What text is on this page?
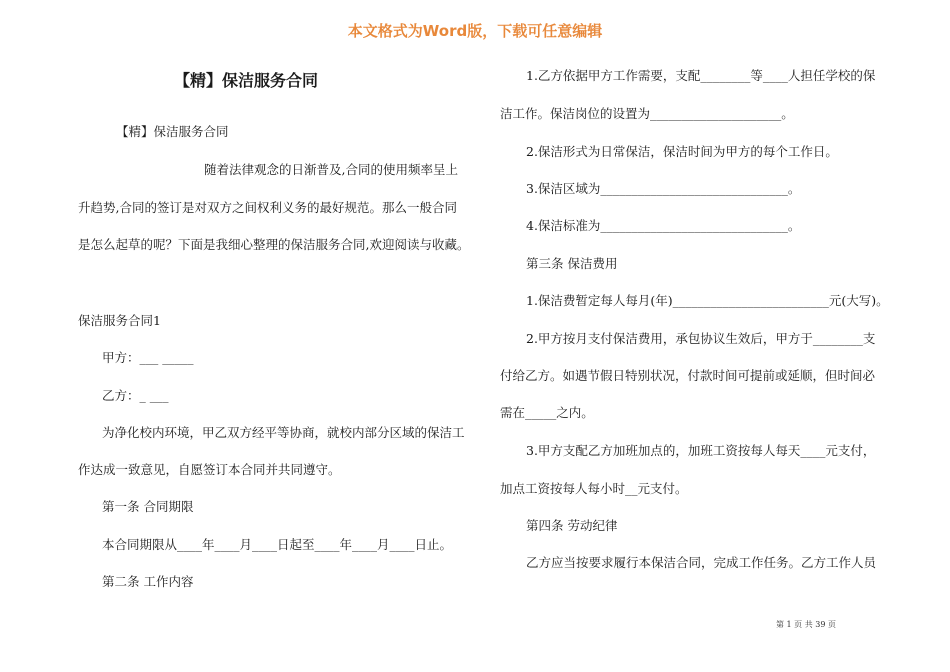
本文格式为Word版，下载可任意编辑
【精】保洁服务合同
【精】保洁服务合同
随着法律观念的日渐普及,合同的使用频率呈上
升趋势,合同的签订是对双方之间权利义务的最好规范。那么一般合同
是怎么起草的呢？下面是我细心整理的保洁服务合同,欢迎阅读与收藏。
保洁服务合同1
甲方：___ _____
乙方：_ ___
为净化校内环境，甲乙双方经平等协商，就校内部分区域的保洁工
作达成一致意见，自愿签订本合同并共同遵守。
第一条 合同期限
本合同期限从____年____月____日起至____年____月____日止。
第二条 工作内容
1.乙方依据甲方工作需要，支配________等____人担任学校的保
洁工作。保洁岗位的设置为_____________________。
2.保洁形式为日常保洁，保洁时间为甲方的每个工作日。
3.保洁区域为______________________________。
4.保洁标准为______________________________。
第三条 保洁费用
1.保洁费暂定每人每月(年)_________________________元(大写)。
2.甲方按月支付保洁费用，承包协议生效后，甲方于________支
付给乙方。如遇节假日特别状况，付款时间可提前或延顺，但时间必
需在_____之内。
3.甲方支配乙方加班加点的，加班工资按每人每天____元支付，
加点工资按每人每小时__元支付。
第四条 劳动纪律
乙方应当按要求履行本保洁合同，完成工作任务。乙方工作人员
第 1 页 共 39 页
